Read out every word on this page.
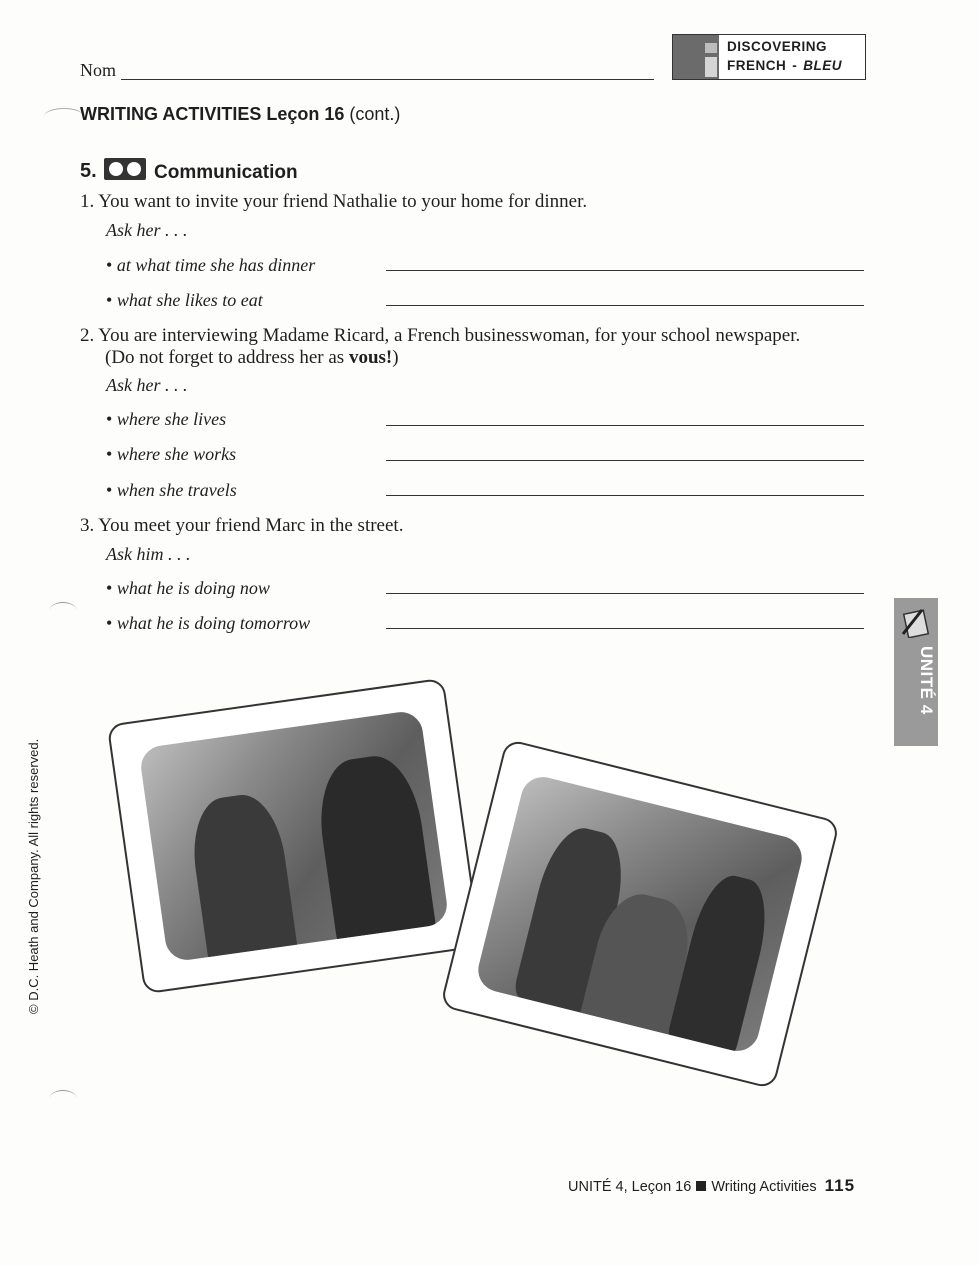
Nom
DISCOVERING
FRENCH - BLEU
WRITING ACTIVITIES Leçon 16 (cont.)
5.	Communication
1. You want to invite your friend Nathalie to your home for dinner.
Ask her . . .
• at what time she has dinner
• what she likes to eat
2. You are interviewing Madame Ricard, a French businesswoman, for your school newspaper.
(Do not forget to address her as vous!)
Ask her . . .
• where she lives
• where she works
• when she travels
3. You meet your friend Marc in the street.
Ask him . . .
• what he is doing now
• what he is doing tomorrow
UNITÉ 4
© D.C. Heath and Company. All rights reserved.
UNITÉ 4, Leçon 16 Writing Activities 115
